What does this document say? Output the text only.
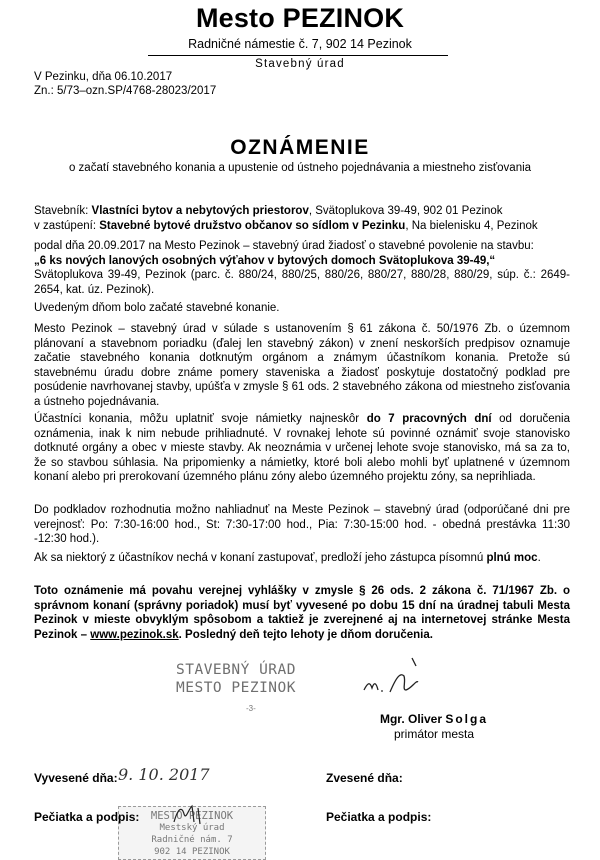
Mesto PEZINOK
Radničné námestie č. 7, 902 14 Pezinok
Stavebný úrad
V Pezinku, dňa 06.10.2017
Zn.: 5/73–ozn.SP/4768-28023/2017
OZNÁMENIE
o začatí stavebného konania a upustenie od ústneho pojednávania a miestneho zisťovania

Stavebník: Vlastníci bytov a nebytových priestorov, Svätoplukova 39-49, 902 01 Pezinok
v zastúpení: Stavebné bytové družstvo občanov so sídlom v Pezinku, Na bielenisku 4, Pezinok

podal dňa 20.09.2017 na Mesto Pezinok – stavebný úrad žiadosť o stavebné povolenie na stavbu:
„6 ks nových lanových osobných výťahov v bytových domoch Svätoplukova 39-49,“
Svätoplukova 39-49, Pezinok (parc. č. 880/24, 880/25, 880/26, 880/27, 880/28, 880/29, súp. č.: 2649-2654, kat. úz. Pezinok).

Uvedeným dňom bolo začaté stavebné konanie.

Mesto Pezinok – stavebný úrad v súlade s ustanovením § 61 zákona č. 50/1976 Zb. o územnom plánovaní a stavebnom poriadku (ďalej len stavebný zákon) v znení neskorších predpisov oznamuje začatie stavebného konania dotknutým orgánom a známym účastníkom konania. Pretože sú stavebnému úradu dobre známe pomery staveniska a žiadosť poskytuje dostatočný podklad pre posúdenie navrhovanej stavby, upúšťa v zmysle § 61 ods. 2 stavebného zákona od miestneho zisťovania a ústneho pojednávania.

Účastníci konania, môžu uplatniť svoje námietky najneskôr do 7 pracovných dní od doručenia oznámenia, inak k nim nebude prihliadnuté. V rovnakej lehote sú povinné oznámiť svoje stanovisko dotknuté orgány a obec v mieste stavby. Ak neoznámia v určenej lehote svoje stanovisko, má sa za to, že so stavbou súhlasia. Na pripomienky a námietky, ktoré boli alebo mohli byť uplatnené v územnom konaní alebo pri prerokovaní územného plánu zóny alebo územného projektu zóny, sa neprihliada.

Do podkladov rozhodnutia možno nahliadnuť na Meste Pezinok – stavebný úrad (odporúčané dni pre verejnosť: Po: 7:30-16:00 hod., St: 7:30-17:00 hod., Pia: 7:30-15:00 hod. - obedná prestávka 11:30 -12:30 hod.).

Ak sa niektorý z účastníkov nechá v konaní zastupovať, predloží jeho zástupca písomnú plnú moc.

Toto oznámenie má povahu verejnej vyhlášky v zmysle § 26 ods. 2 zákona č. 71/1967 Zb. o správnom konaní (správny poriadok) musí byť vyvesené po dobu 15 dní na úradnej tabuli Mesta Pezinok v mieste obvyklým spôsobom a taktiež je zverejnené aj na internetovej stránke Mesta Pezinok – www.pezinok.sk. Posledný deň tejto lehoty je dňom doručenia.

STAVEBNÝ ÚRAD
MESTO PEZINOK
-3-
Mgr. Oliver Solga
primátor mesta
Vyvesené dňa: 9. 10. 2017	Zvesené dňa:
MESTO PEZINOK
Mestský úrad
Radničné nám. 7
902 14 PEZINOK
Pečiatka a podpis:	Pečiatka a podpis:
